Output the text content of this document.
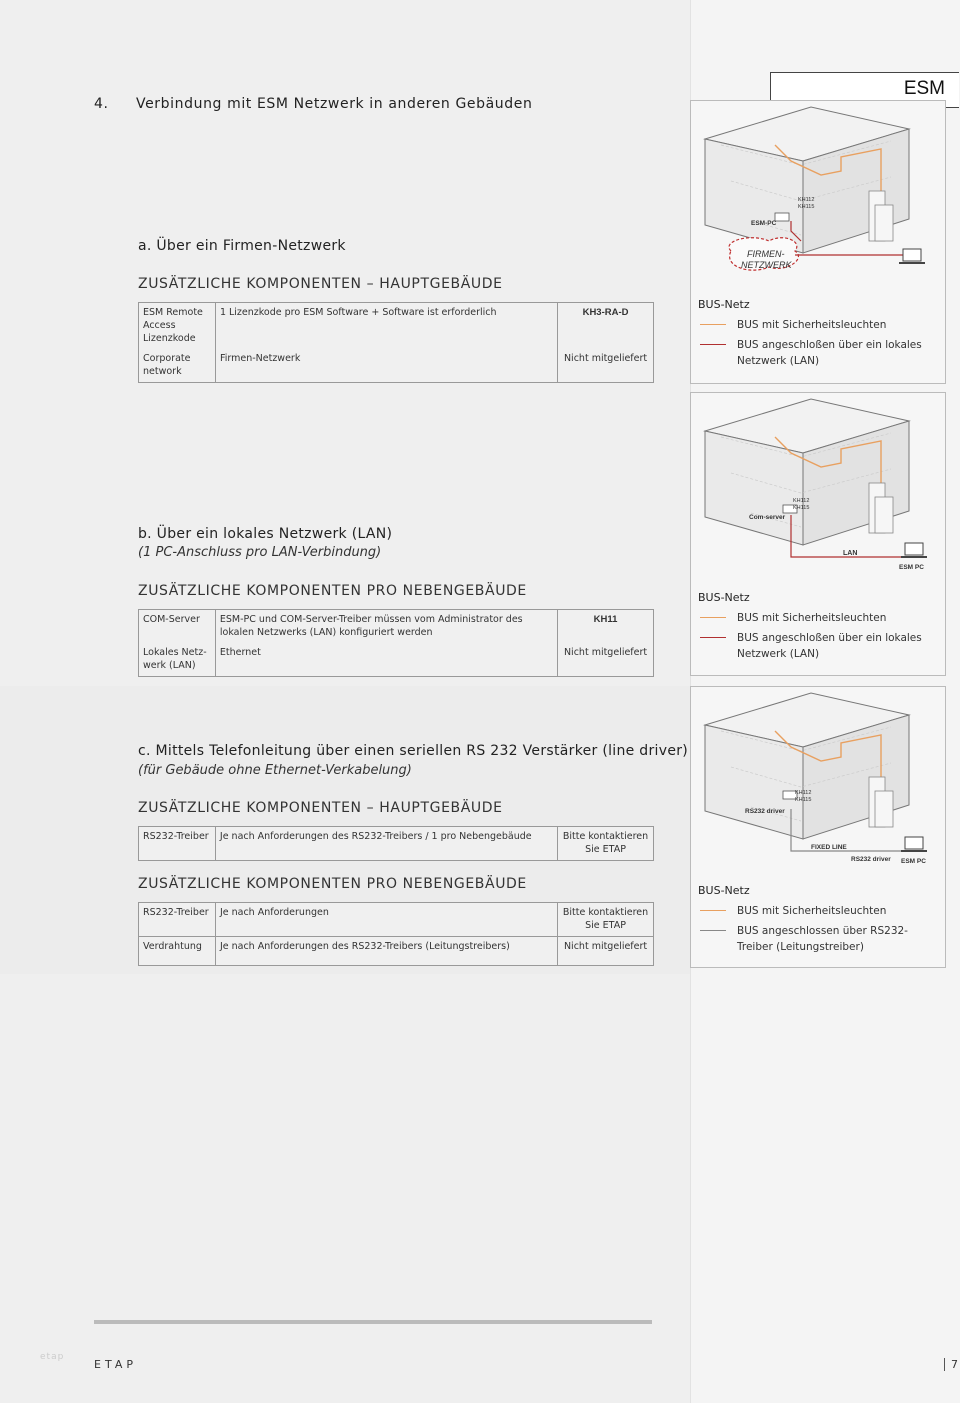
4. Verbindung mit ESM Netzwerk in anderen Gebäuden
ESM
a. Über ein Firmen-Netzwerk
ZUSÄTZLICHE KOMPONENTEN – HAUPTGEBÄUDE
ESM Remote Access Lizenzkode	1 Lizenzkode pro ESM Software + Software ist erforderlich	KH3-RA-D
Corporate network	Firmen-Netzwerk	Nicht mitgeliefert
KH112
KH115
ESM-PC
FIRMEN-
NETZWERK
BUS-Netz
BUS mit Sicherheitsleuchten
BUS angeschloßen über ein lokales Netzwerk (LAN)
b. Über ein lokales Netzwerk (LAN)
(1 PC-Anschluss pro LAN-Verbindung)
ZUSÄTZLICHE KOMPONENTEN PRO NEBENGEBÄUDE
COM-Server	ESM-PC und COM-Server-Treiber müssen vom Administrator des lokalen Netzwerks (LAN) konfiguriert werden	KH11
Lokales Netz-werk (LAN)	Ethernet	Nicht mitgeliefert
KH112
KH115
Com-server
LAN
ESM PC
BUS-Netz
BUS mit Sicherheitsleuchten
BUS angeschloßen über ein lokales Netzwerk (LAN)
c. Mittels Telefonleitung über einen seriellen RS 232 Verstärker (line driver)
(für Gebäude ohne Ethernet-Verkabelung)
ZUSÄTZLICHE KOMPONENTEN – HAUPTGEBÄUDE
RS232-Treiber	Je nach Anforderungen des RS232-Treibers / 1 pro Nebengebäude	Bitte kontaktieren Sie ETAP
ZUSÄTZLICHE KOMPONENTEN PRO NEBENGEBÄUDE
RS232-Treiber	Je nach Anforderungen	Bitte kontaktieren Sie ETAP
Verdrahtung	Je nach Anforderungen des RS232-Treibers (Leitungstreibers)	Nicht mitgeliefert
KH112
KH115
RS232 driver
FIXED LINE
RS232 driver ESM PC
BUS-Netz
BUS mit Sicherheitsleuchten
BUS angeschlossen über RS232-Treiber (Leitungstreiber)
etap
ETAP	7
